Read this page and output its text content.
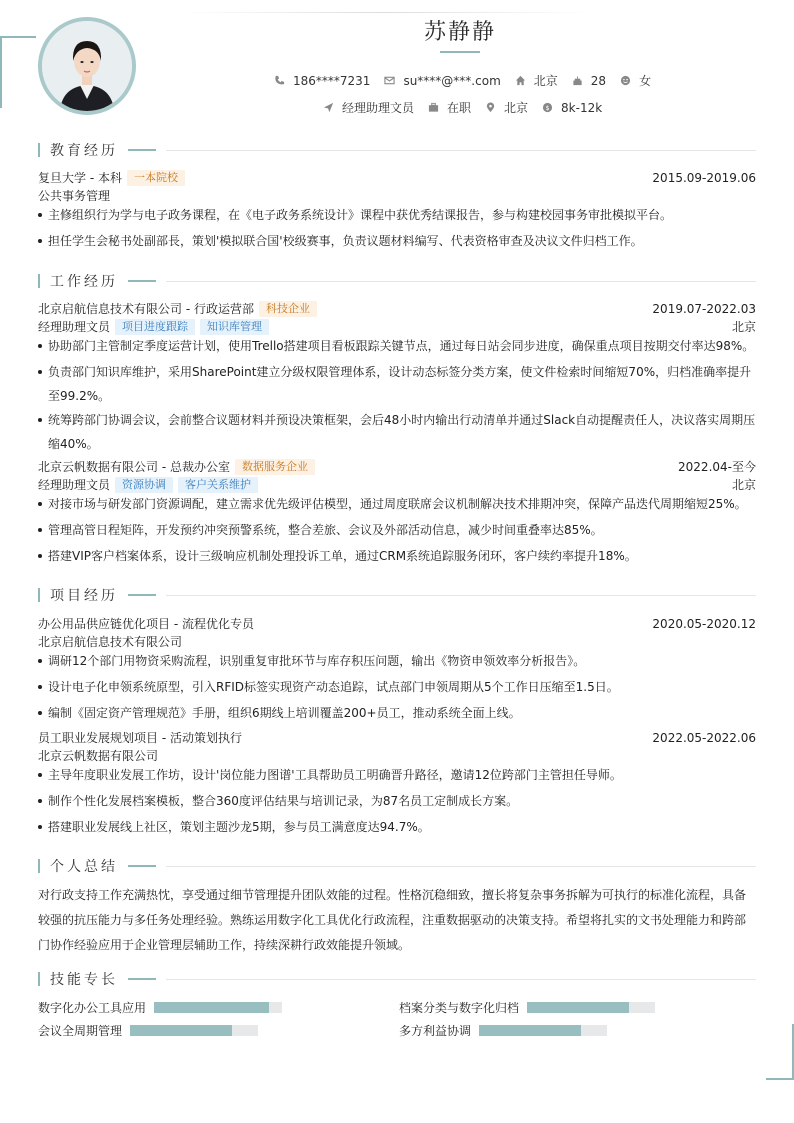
苏静静
186****7231	su****@***.com	北京	28	女
经理助理文员	在职	北京 $ 8k-12k
教育经历
复旦大学 - 本科	一本院校	2015.09-2019.06
公共事务管理
主修组织行为学与电子政务课程，在《电子政务系统设计》课程中获优秀结课报告，参与构建校园事务审批模拟平台。
担任学生会秘书处副部長，策划'模拟联合国'校级赛事，负责议题材料编写、代表资格审查及决议文件归档工作。
工作经历
北京启航信息技术有限公司 - 行政运营部	科技企业	2019.07-2022.03
经理助理文员	项目进度跟踪	知识库管理	北京
协助部门主管制定季度运营计划，使用Trello搭建项目看板跟踪关键节点，通过每日站会同步进度，确保重点项目按期交付率达98%。
负责部门知识库维护，采用SharePoint建立分级权限管理体系，设计动态标签分类方案，使文件检索时间缩短70%，归档准确率提升至99.2%。
统筹跨部门协调会议，会前整合议题材料并预设决策框架，会后48小时内输出行动清单并通过Slack自动提醒责任人，决议落实周期压缩40%。
北京云帆数据有限公司 - 总裁办公室	数据服务企业	2022.04-至今
经理助理文员	资源协调	客户关系维护	北京
对接市场与研发部门资源调配，建立需求优先级评估模型，通过周度联席会议机制解决技术排期冲突，保障产品迭代周期缩短25%。
管理高管日程矩阵，开发预约冲突预警系统，整合差旅、会议及外部活动信息，减少时间重叠率达85%。
搭建VIP客户档案体系，设计三级响应机制处理投诉工单，通过CRM系统追踪服务闭环，客户续约率提升18%。
项目经历
办公用品供应链优化项目 - 流程优化专员	2020.05-2020.12
北京启航信息技术有限公司
调研12个部门用物资采购流程，识别重复审批环节与库存积压问题，输出《物资申领效率分析报告》。
设计电子化申领系统原型，引入RFID标签实现资产动态追踪，试点部门申领周期从5个工作日压缩至1.5日。
编制《固定资产管理规范》手册，组织6期线上培训覆盖200+员工，推动系统全面上线。
员工职业发展规划项目 - 活动策划执行	2022.05-2022.06
北京云帆数据有限公司
主导年度职业发展工作坊，设计'岗位能力图谱'工具帮助员工明确晋升路径，邀请12位跨部门主管担任导师。
制作个性化发展档案模板，整合360度评估结果与培训记录，为87名员工定制成长方案。
搭建职业发展线上社区，策划主题沙龙5期，参与员工满意度达94.7%。
个人总结
对行政支持工作充满热忱，享受通过细节管理提升团队效能的过程。性格沉稳细致，擅长将复杂事务拆解为可执行的标准化流程，具备较强的抗压能力与多任务处理经验。熟练运用数字化工具优化行政流程，注重数据驱动的决策支持。希望将扎实的文书处理能力和跨部门协作经验应用于企业管理层辅助工作，持续深耕行政效能提升领域。
技能专长
数字化办公工具应用	档案分类与数字化归档
会议全周期管理	多方利益协调
